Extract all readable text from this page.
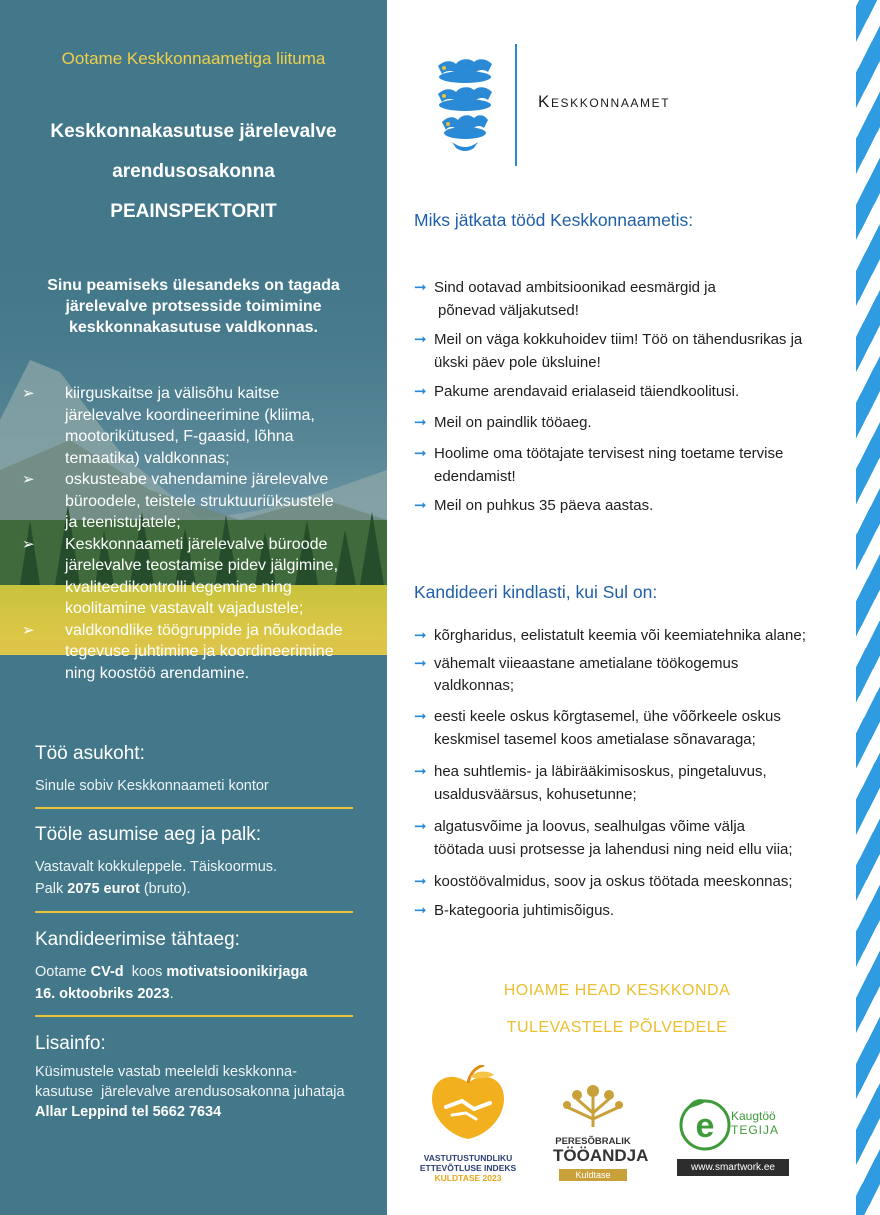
Ootame Keskkonnaametiga liituma
Keskkonnakasutuse järelevalve
arendusosakonna
PEAINSPEKTORIT
Sinu peamiseks ülesandeks on tagada
järelevalve protsesside toimimine
keskkonnakasutuse valdkonnas.
➢ kiirguskaitse ja välisõhu kaitse
järelevalve koordineerimine (kliima,
mootorikütused, F-gaasid, lõhna
temaatika) valdkonnas;
➢ oskusteabe vahendamine järelevalve
büroodele, teistele struktuuriüksustele
ja teenistujatele;
➢ Keskkonnaameti järelevalve büroode
järelevalve teostamise pidev jälgimine,
kvaliteedikontrolli tegemine ning
koolitamine vastavalt vajadustele;
➢ valdkondlike töögruppide ja nõukodade
tegevuse juhtimine ja koordineerimine
ning koostöö arendamine.
Töö asukoht:
Sinule sobiv Keskkonnaameti kontor
Tööle asumise aeg ja palk:
Vastavalt kokkuleppele. Täiskoormus.
Palk 2075 eurot (bruto).
Kandideerimise tähtaeg:
Ootame CV-d  koos motivatsioonikirjaga
16. oktoobriks 2023.
Lisainfo:
Küsimustele vastab meeleldi keskkonna-
kasutuse  järelevalve arendusosakonna juhataja
Allar Leppind tel 5662 7634
Keskkonnaamet
Miks jätkata tööd Keskkonnaametis:
➞ Sind ootavad ambitsioonikad eesmärgid ja
põnevad väljakutsed!
➞ Meil on väga kokkuhoidev tiim! Töö on tähendusrikas ja
ükski päev pole üksluine!
➞ Pakume arendavaid erialaseid täiendkoolitusi.
➞ Meil on paindlik tööaeg.
➞ Hoolime oma töötajate tervisest ning toetame tervise
edendamist!
➞ Meil on puhkus 35 päeva aastas.
Kandideeri kindlasti, kui Sul on:
➞ kõrgharidus, eelistatult keemia või keemiatehnika alane;
➞ vähemalt viieaastane ametialane töökogemus
valdkonnas;
➞ eesti keele oskus kõrgtasemel, ühe võõrkeele oskus
keskmisel tasemel koos ametialase sõnavaraga;
➞ hea suhtlemis- ja läbirääkimisoskus, pingetaluvus,
usaldusväärsus, kohusetunne;
➞ algatusvõime ja loovus, sealhulgas võime välja
töötada uusi protsesse ja lahendusi ning neid ellu viia;
➞ koostöövalmidus, soov ja oskus töötada meeskonnas;
➞ B-kategooria juhtimisõigus.
HOIAME HEAD KESKKONDA
TULEVASTELE PÕLVEDELE
VASTUTUSTUNDLIKU
ETTEVÕTLUSE INDEKS
KULDTASE 2023
PERESÕBRALIK
TÖÖANDJA
Kuldtase
e Kaugtöö
TEGIJA
www.smartwork.ee
